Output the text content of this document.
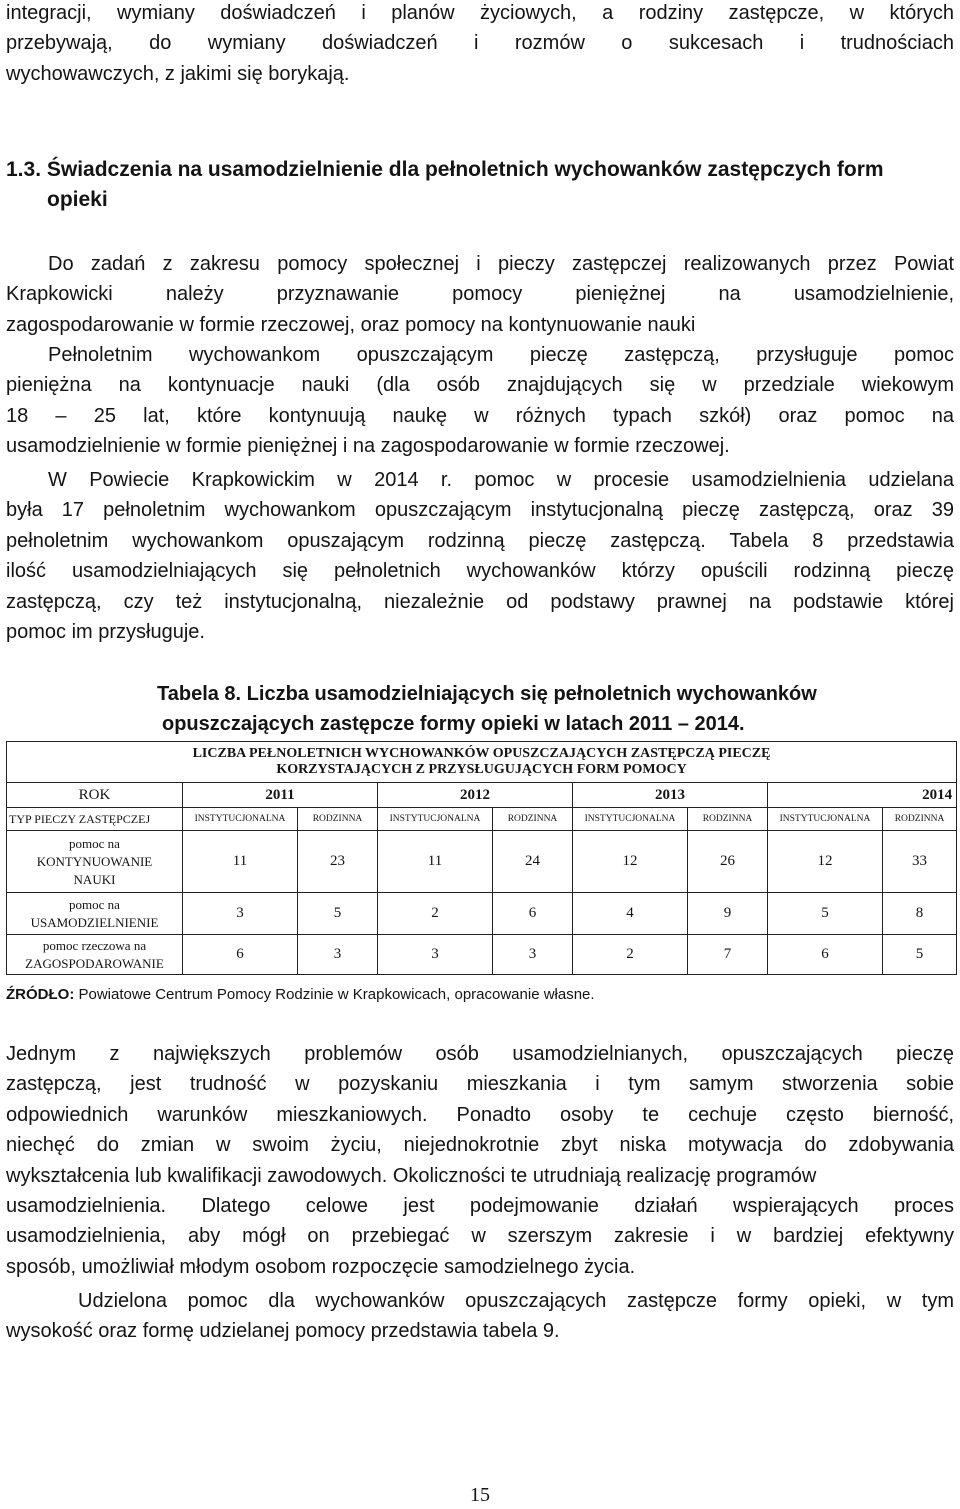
integracji, wymiany doświadczeń i planów życiowych, a rodziny zastępcze, w których
przebywają, do wymiany doświadczeń i rozmów o sukcesach i trudnościach
wychowawczych, z jakimi się borykają.
1.3. Świadczenia na usamodzielnienie dla pełnoletnich wychowanków zastępczych form
opieki
Do zadań z zakresu pomocy społecznej i pieczy zastępczej realizowanych przez Powiat
Krapkowicki należy przyznawanie pomocy pieniężnej na usamodzielnienie,
zagospodarowanie w formie rzeczowej, oraz pomocy na kontynuowanie nauki
Pełnoletnim wychowankom opuszczającym pieczę zastępczą, przysługuje pomoc
pieniężna na kontynuacje nauki (dla osób znajdujących się w przedziale wiekowym
18 – 25 lat, które kontynuują naukę w różnych typach szkół) oraz pomoc na
usamodzielnienie w formie pieniężnej i na zagospodarowanie w formie rzeczowej.
W Powiecie Krapkowickim w 2014 r. pomoc w procesie usamodzielnienia udzielana
była 17 pełnoletnim wychowankom opuszczającym instytucjonalną pieczę zastępczą, oraz 39
pełnoletnim wychowankom opuszającym rodzinną pieczę zastępczą. Tabela 8 przedstawia
ilość usamodzielniających się pełnoletnich wychowanków którzy opuścili rodzinną pieczę
zastępczą, czy też instytucjonalną, niezależnie od podstawy prawnej na podstawie której
pomoc im przysługuje.
Tabela 8. Liczba usamodzielniających się pełnoletnich wychowanków
opuszczających zastępcze formy opieki w latach 2011 – 2014.
LICZBA PEŁNOLETNICH WYCHOWANKÓW OPUSZCZAJĄCYCH ZASTĘPCZĄ PIECZĘ
KORZYSTAJĄCYCH Z PRZYSŁUGUJĄCYCH FORM POMOCY								

ROK	2011		2012		2013		2014	
TYP PIECZY ZASTĘPCZEJ	INSTYTUCJONALNA	RODZINNA	INSTYTUCJONALNA	RODZINNA	INSTYTUCJONALNA	RODZINNA	INSTYTUCJONALNA	RODZINNA

pomoc na
KONTYNUOWANIE
NAUKI	11	23	11	24	12	26	12	33

pomoc na
USAMODZIELNIENIE	3	5	2	6	4	9	5	8

pomoc rzeczowa na
ZAGOSPODAROWANIE	6	3	3	3	2	7	6	5
ŹRÓDŁO: Powiatowe Centrum Pomocy Rodzinie w Krapkowicach, opracowanie własne.
Jednym z największych problemów osób usamodzielnianych, opuszczających pieczę
zastępczą, jest trudność w pozyskaniu mieszkania i tym samym stworzenia sobie
odpowiednich warunków mieszkaniowych. Ponadto osoby te cechuje często bierność,
niechęć do zmian w swoim życiu, niejednokrotnie zbyt niska motywacja do zdobywania
wykształcenia lub kwalifikacji zawodowych. Okoliczności te utrudniają realizację programów
usamodzielnienia. Dlatego celowe jest podejmowanie działań wspierających proces
usamodzielnienia, aby mógł on przebiegać w szerszym zakresie i w bardziej efektywny
sposób, umożliwiał młodym osobom rozpoczęcie samodzielnego życia.
Udzielona pomoc dla wychowanków opuszczających zastępcze formy opieki, w tym
wysokość oraz formę udzielanej pomocy przedstawia tabela 9.
15
